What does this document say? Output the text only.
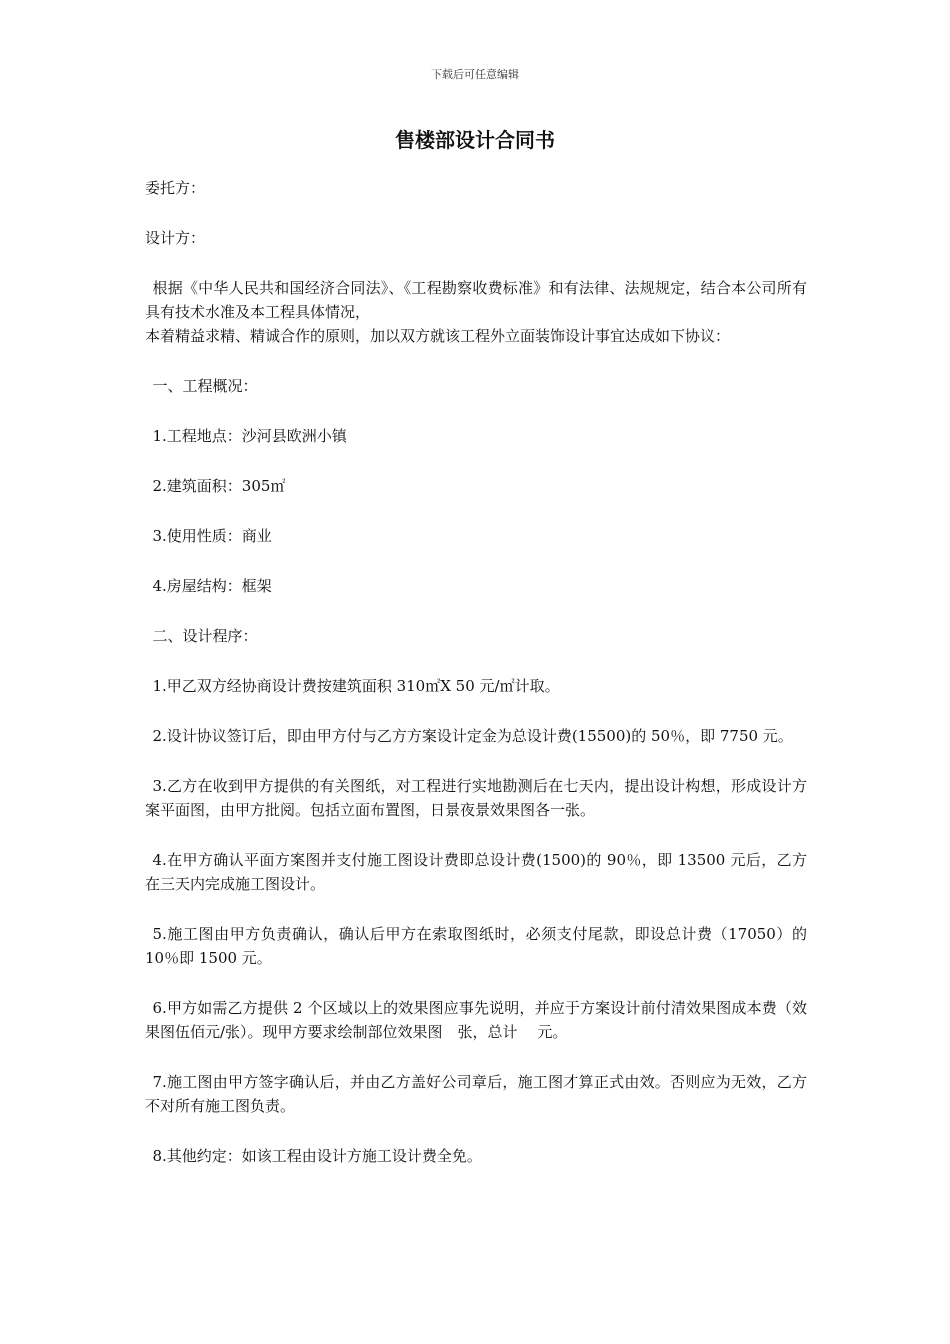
下载后可任意编辑
售楼部设计合同书

委托方：

设计方：

根据《中华人民共和国经济合同法》、《工程勘察收费标准》和有法律、法规规定，结合本公司所有具有技术水准及本工程具体情况，

本着精益求精、精诚合作的原则，加以双方就该工程外立面装饰设计事宜达成如下协议：

一、工程概况：

1.工程地点：沙河县欧洲小镇

2.建筑面积：305㎡

3.使用性质：商业

4.房屋结构：框架

二、设计程序：

1.甲乙双方经协商设计费按建筑面积 310㎡X 50 元/㎡计取。

2.设计协议签订后，即由甲方付与乙方方案设计定金为总设计费(15500)的 50％，即 7750 元。

3.乙方在收到甲方提供的有关图纸，对工程进行实地勘测后在七天内，提出设计构想，形成设计方案平面图，由甲方批阅。包括立面布置图，日景夜景效果图各一张。

4.在甲方确认平面方案图并支付施工图设计费即总设计费(1500)的 90％，即 13500 元后，乙方在三天内完成施工图设计。

5.施工图由甲方负责确认，确认后甲方在索取图纸时，必须支付尾款，即设总计费（17050）的 10％即 1500 元。

6.甲方如需乙方提供 2 个区域以上的效果图应事先说明，并应于方案设计前付清效果图成本费（效果图伍佰元/张）。现甲方要求绘制部位效果图　张，总计　 元。

7.施工图由甲方签字确认后，并由乙方盖好公司章后，施工图才算正式由效。否则应为无效，乙方不对所有施工图负责。

8.其他约定：如该工程由设计方施工设计费全免。
